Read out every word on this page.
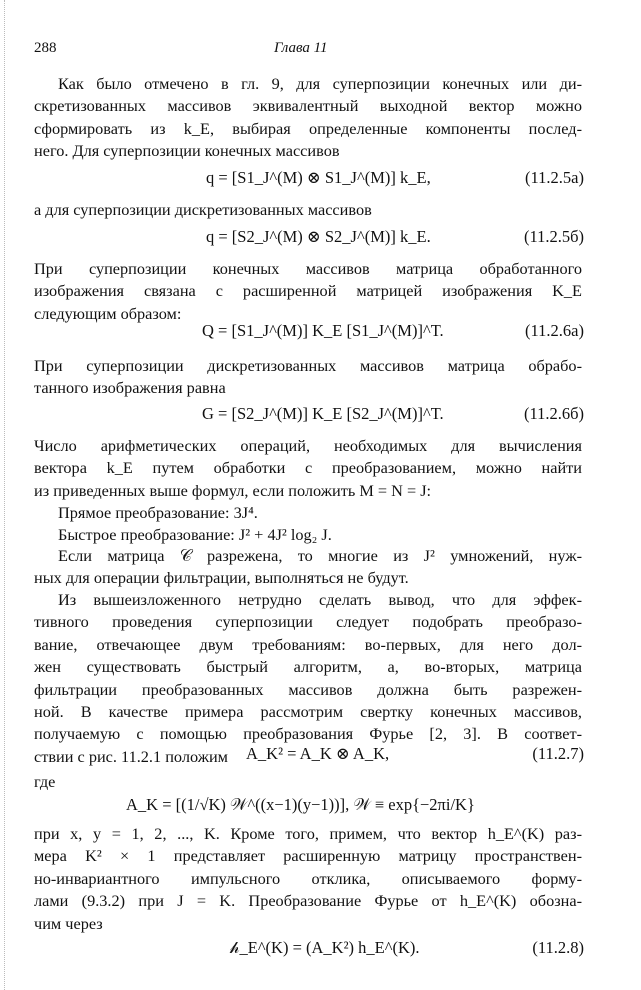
288	Глава 11
Как было отмечено в гл. 9, для суперпозиции конечных или ди-
скретизованных массивов эквивалентный выходной вектор можно
сформировать из k_E, выбирая определенные компоненты послед-
него. Для суперпозиции конечных массивов
q = [S1_J^(M) ⊗ S1_J^(M)] k_E,	(11.2.5a)
а для суперпозиции дискретизованных массивов
q = [S2_J^(M) ⊗ S2_J^(M)] k_E.	(11.2.5б)
При суперпозиции конечных массивов матрица обработанного
изображения связана с расширенной матрицей изображения K_E
следующим образом:
Q = [S1_J^(M)] K_E [S1_J^(M)]^T.	(11.2.6a)
При суперпозиции дискретизованных массивов матрица обрабо-
танного изображения равна
G = [S2_J^(M)] K_E [S2_J^(M)]^T.	(11.2.6б)
Число арифметических операций, необходимых для вычисления
вектора k_E путем обработки с преобразованием, можно найти
из приведенных выше формул, если положить M = N = J:
Прямое преобразование: 3J⁴.
Быстрое преобразование: J² + 4J² log₂ J.
Если матрица 𝒞 разрежена, то многие из J² умножений, нуж-
ных для операции фильтрации, выполняться не будут.
Из вышеизложенного нетрудно сделать вывод, что для эффек-
тивного проведения суперпозиции следует подобрать преобразо-
вание, отвечающее двум требованиям: во-первых, для него дол-
жен существовать быстрый алгоритм, а, во-вторых, матрица
фильтрации преобразованных массивов должна быть разрежен-
ной. В качестве примера рассмотрим свертку конечных массивов,
получаемую с помощью преобразования Фурье [2, 3]. В соответ-
ствии с рис. 11.2.1 положим	A_K² = A_K ⊗ A_K,	(11.2.7)
где
A_K = [(1/√K) 𝒲^((x−1)(y−1))], 𝒲 ≡ exp{−2πi/K}
при x, y = 1, 2, ..., K. Кроме того, примем, что вектор h_E^(K) раз-
мера K² × 1 представляет расширенную матрицу пространствен-
но-инвариантного импульсного отклика, описываемого форму-
лами (9.3.2) при J = K. Преобразование Фурье от h_E^(K) обозна-
чим через
𝒽_E^(K) = (A_K²) h_E^(K).	(11.2.8)
